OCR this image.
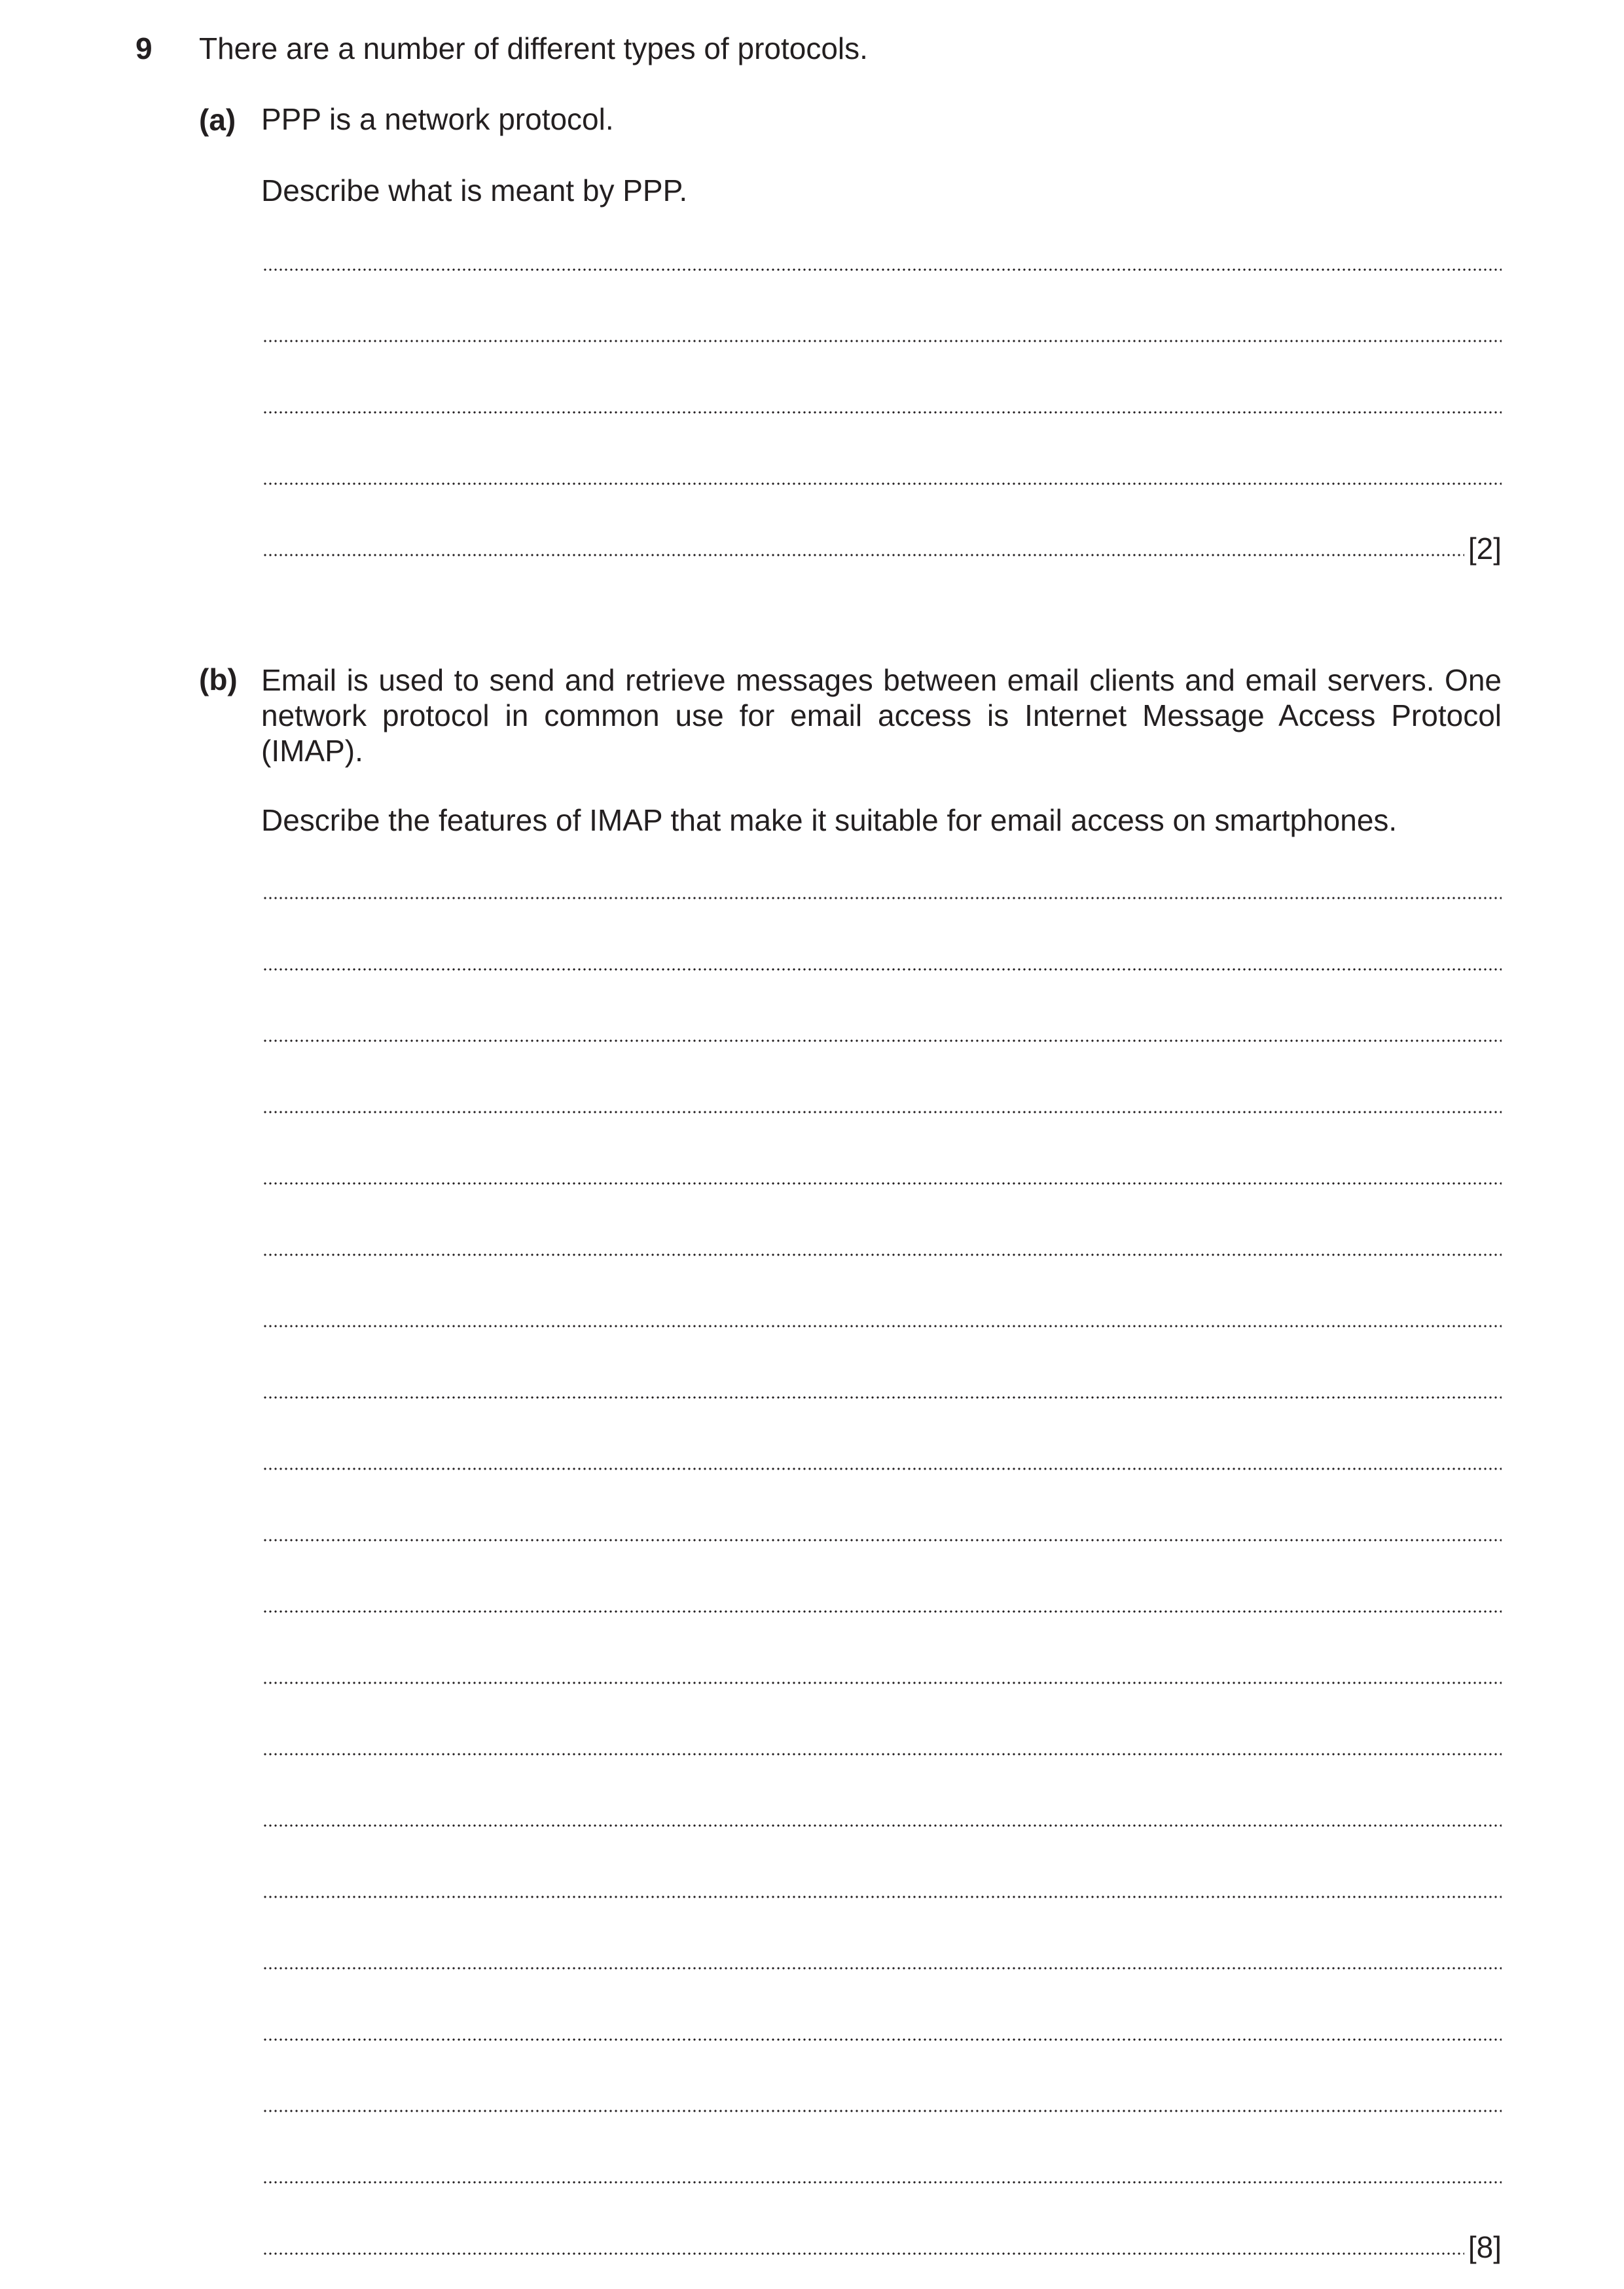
9 There are a number of different types of protocols.
(a) PPP is a network protocol.
Describe what is meant by PPP.
[2]
(b) Email is used to send and retrieve messages between email clients and email servers. One network protocol in common use for email access is Internet Message Access Protocol (IMAP).
Describe the features of IMAP that make it suitable for email access on smartphones.
[8]
